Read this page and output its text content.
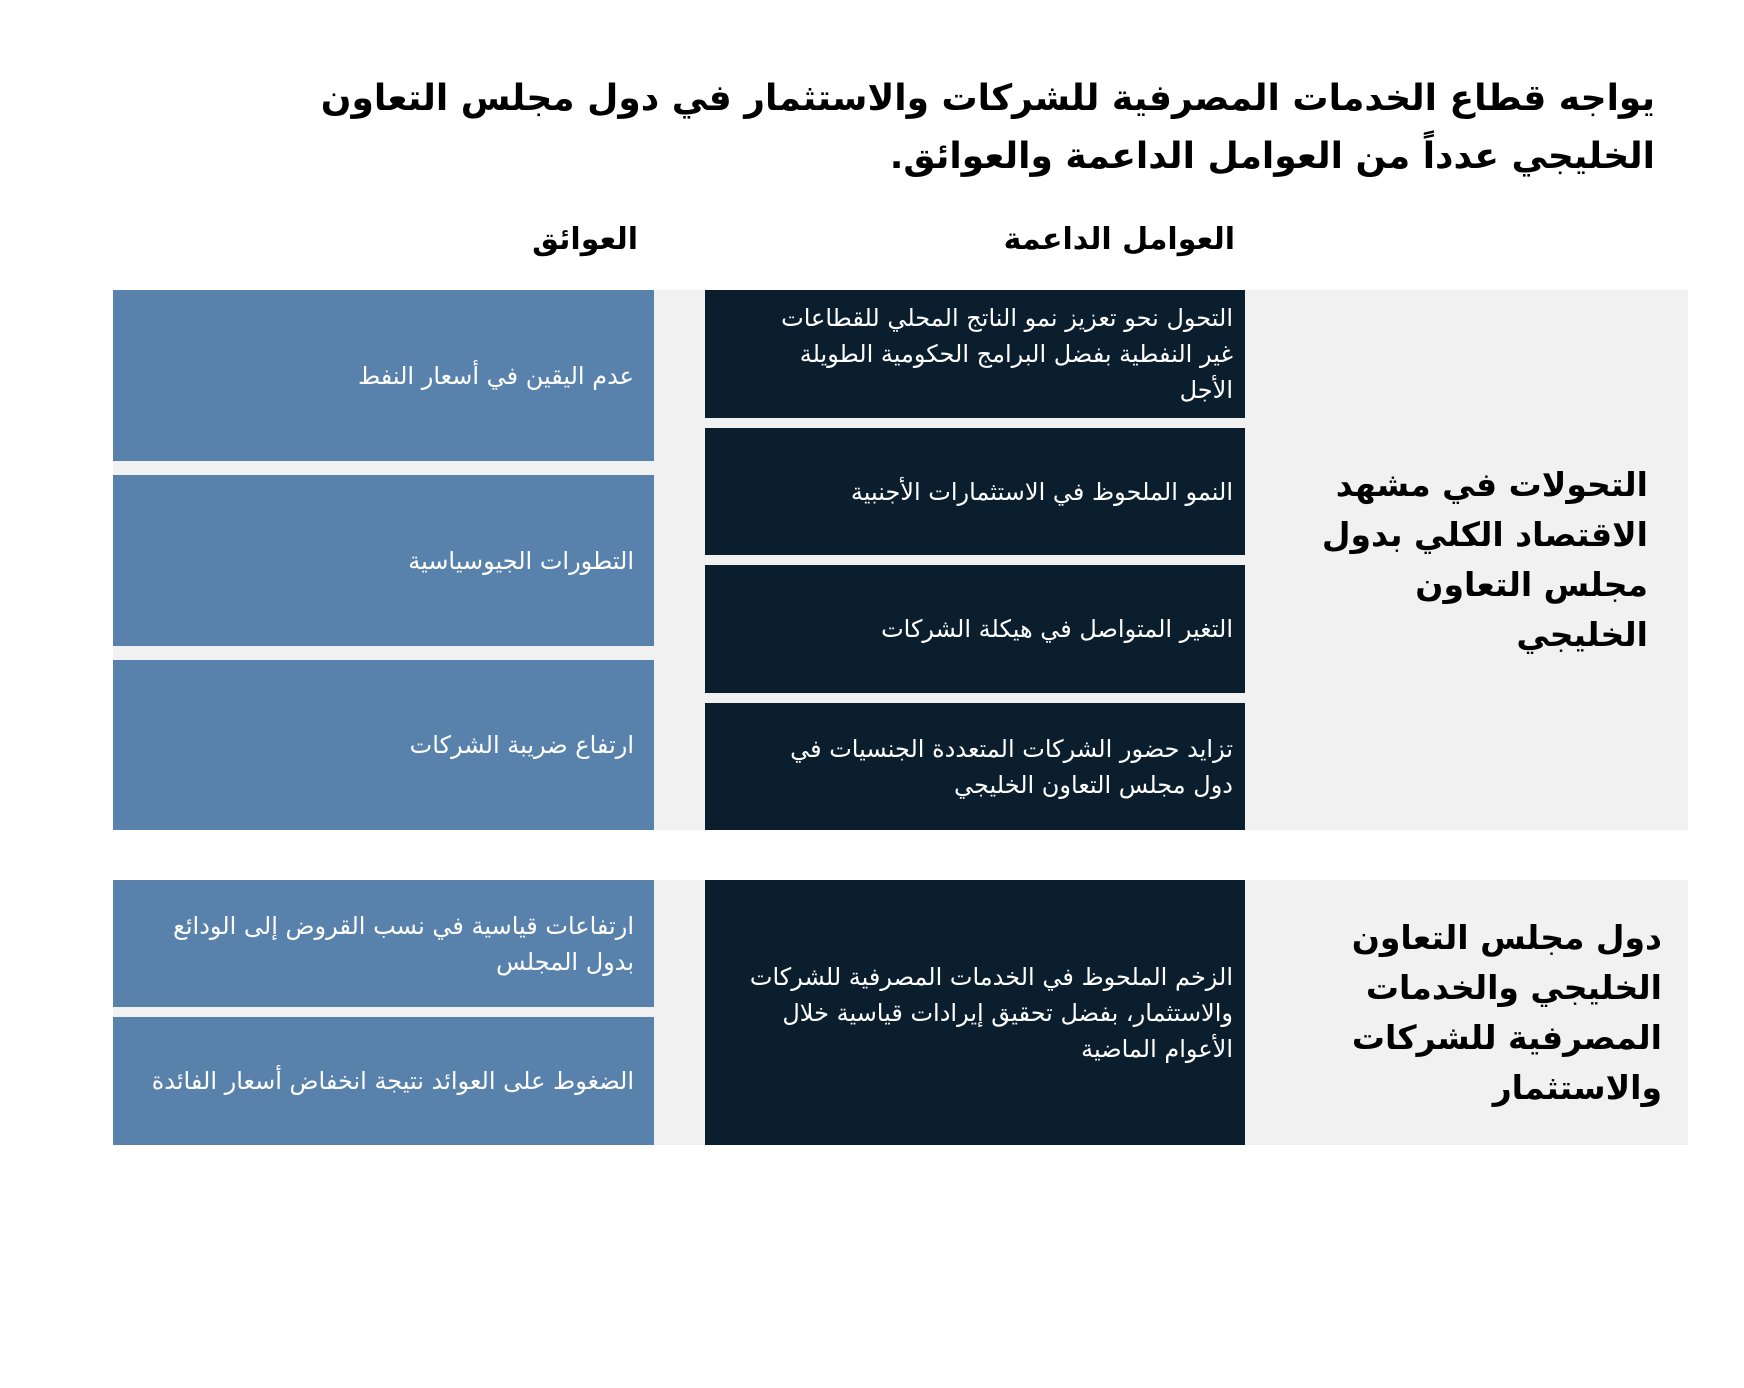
يواجه قطاع الخدمات المصرفية للشركات والاستثمار في دول مجلس التعاون الخليجي عدداً من العوامل الداعمة والعوائق.
العوامل الداعمة
العوائق
التحولات في مشهد الاقتصاد الكلي بدول مجلس التعاون الخليجي
دول مجلس التعاون الخليجي والخدمات المصرفية للشركات والاستثمار
التحول نحو تعزيز نمو الناتج المحلي للقطاعات غير النفطية بفضل البرامج الحكومية الطويلة الأجل
النمو الملحوظ في الاستثمارات الأجنبية
التغير المتواصل في هيكلة الشركات
تزايد حضور الشركات المتعددة الجنسيات في دول مجلس التعاون الخليجي
الزخم الملحوظ في الخدمات المصرفية للشركات والاستثمار، بفضل تحقيق إيرادات قياسية خلال الأعوام الماضية
عدم اليقين في أسعار النفط
التطورات الجيوسياسية
ارتفاع ضريبة الشركات
ارتفاعات قياسية في نسب القروض إلى الودائع بدول المجلس
الضغوط على العوائد نتيجة انخفاض أسعار الفائدة
